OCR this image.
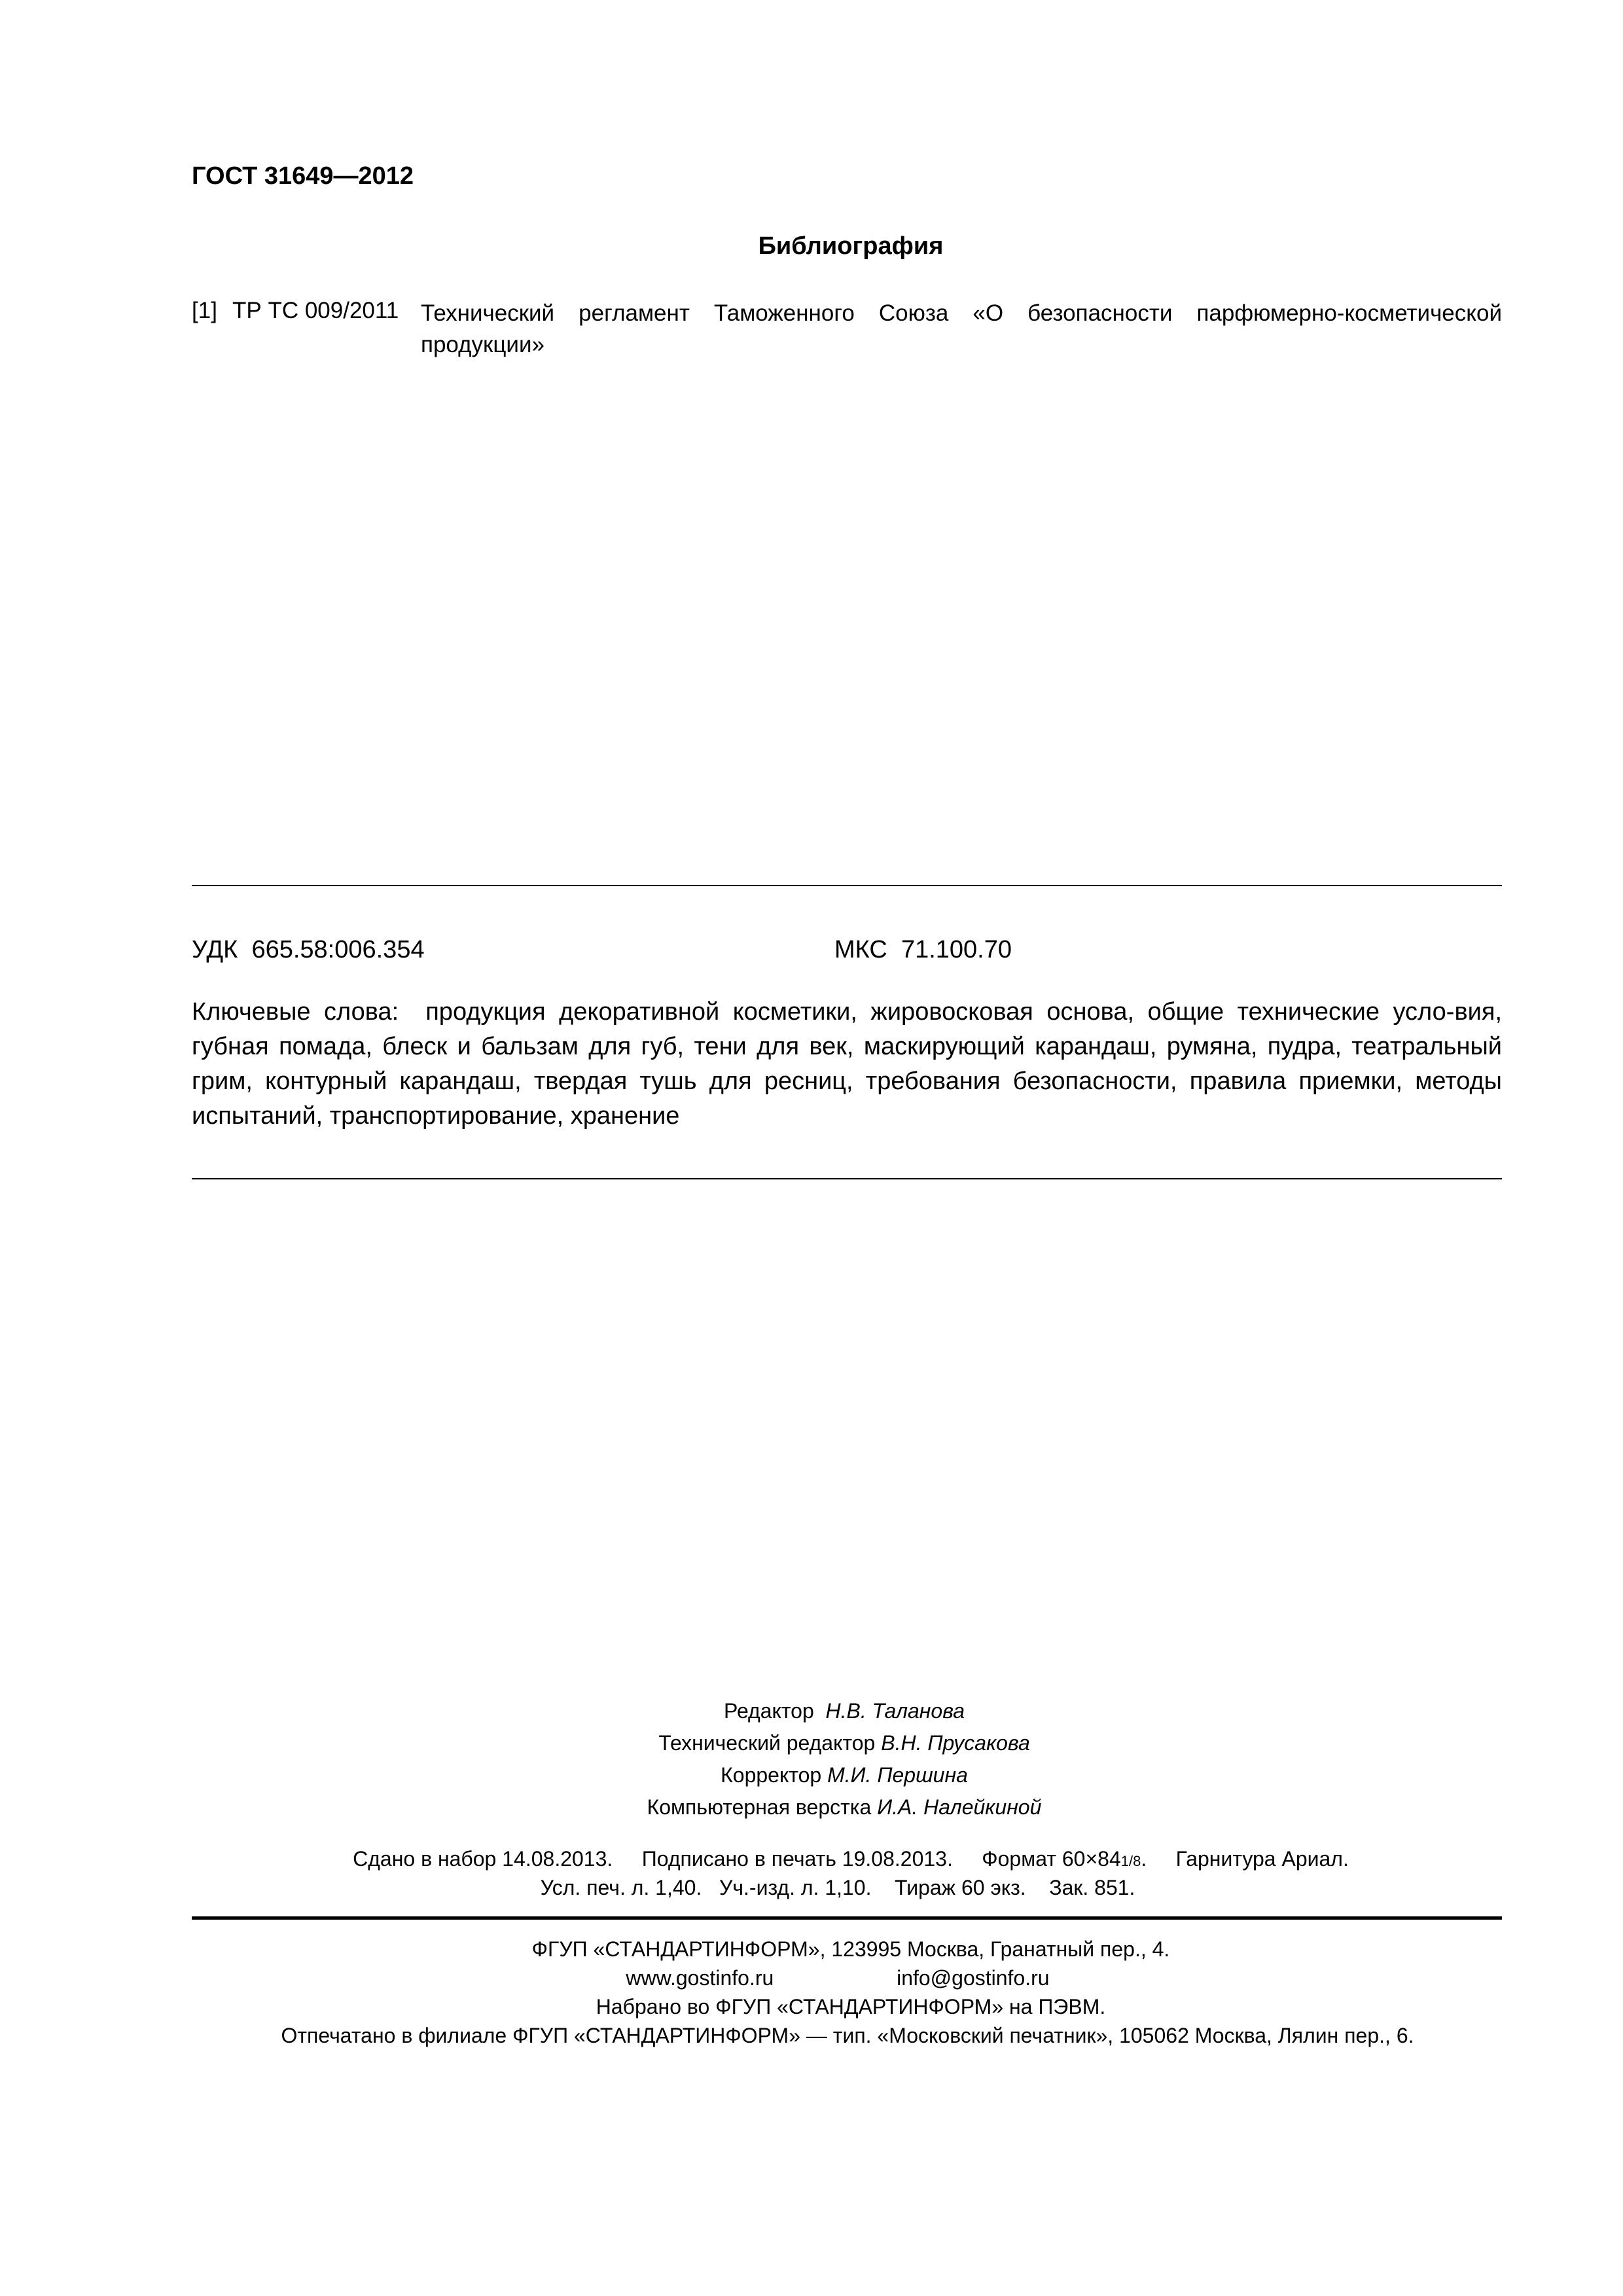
ГОСТ 31649—2012
Библиография
[1] ТР ТС 009/2011 Технический регламент Таможенного Союза «О безопасности парфюмерно-косметической продукции»
УДК 665.58:006.354	МКС 71.100.70
Ключевые слова: продукция декоративной косметики, жировосковая основа, общие технические усло-вия, губная помада, блеск и бальзам для губ, тени для век, маскирующий карандаш, румяна, пудра, театральный грим, контурный карандаш, твердая тушь для ресниц, требования безопасности, правила приемки, методы испытаний, транспортирование, хранение
Редактор Н.В. Таланова
Технический редактор В.Н. Прусакова
Корректор М.И. Першина
Компьютерная верстка И.А. Налейкиной
Сдано в набор 14.08.2013. Подписано в печать 19.08.2013. Формат 60×841/8.     Гарнитура Ариал.
Усл. печ. л. 1,40. Уч.-изд. л. 1,10. Тираж 60 экз. Зак. 851.
ФГУП «СТАНДАРТИНФОРМ», 123995 Москва, Гранатный пер., 4.
www.gostinfo.ru	info@gostinfo.ru
Набрано во ФГУП «СТАНДАРТИНФОРМ» на ПЭВМ.
Отпечатано в филиале ФГУП «СТАНДАРТИНФОРМ» — тип. «Московский печатник», 105062 Москва, Лялин пер., 6.
